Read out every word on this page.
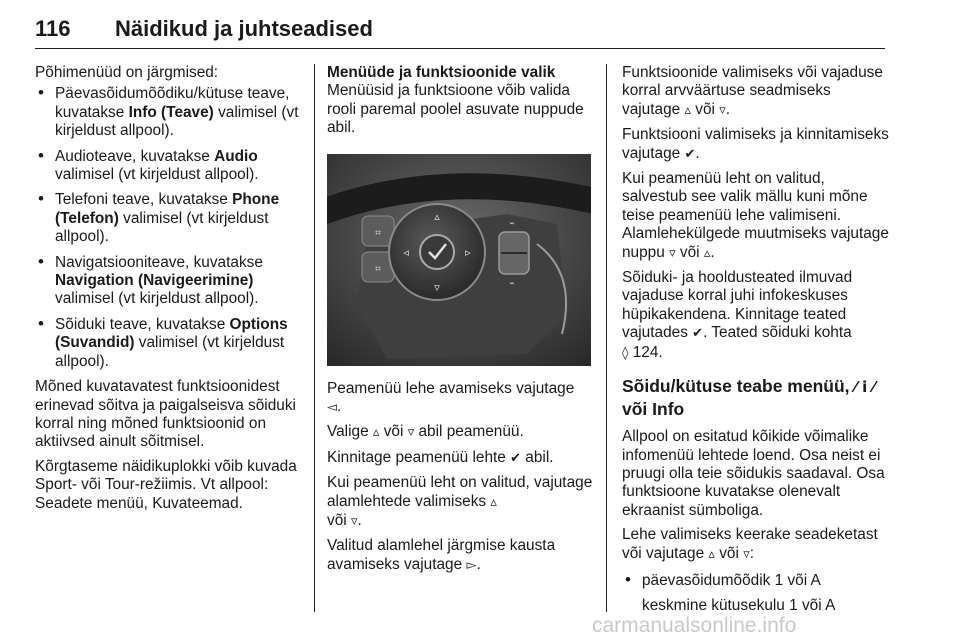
116 Näidikud ja juhtseadised

Põhimenüüd on järgmised:

• Päevasõidumõõdiku/kütuse teave, kuvatakse Info (Teave) valimisel (vt kirjeldust allpool).
• Audioteave, kuvatakse Audio valimisel (vt kirjeldust allpool).
• Telefoni teave, kuvatakse Phone (Telefon) valimisel (vt kirjeldust allpool).
• Navigatsiooniteave, kuvatakse Navigation (Navigeerimine) valimisel (vt kirjeldust allpool).
• Sõiduki teave, kuvatakse Options (Suvandid) valimisel (vt kirjeldust allpool).

Mõned kuvatavatest funktsioonidest erinevad sõitva ja paigalseisva sõiduki korral ning mõned funktsioonid on aktiivsed ainult sõitmisel.

Kõrgtaseme näidikuplokki võib kuvada Sport- või Tour-režiimis. Vt allpool: Seadete menüü, Kuvateemad.

Menüüde ja funktsioonide valik

Menüüsid ja funktsioone võib valida rooli paremal poolel asuvate nuppude abil.

⌗
⌗
▵
▿
◃	▹
⌁
⌁

Peamenüü lehe avamiseks vajutage
◅.

Valige ▵ või ▿ abil peamenüü.

Kinnitage peamenüü lehte ✔ abil.

Kui peamenüü leht on valitud, vajutage alamlehtede valimiseks ▵
või ▿.

Valitud alamlehel järgmise kausta avamiseks vajutage ▻.

Funktsioonide valimiseks või vajaduse korral arvväärtuse seadmiseks vajutage ▵ või ▿.

Funktsiooni valimiseks ja kinnitamiseks vajutage ✔.

Kui peamenüü leht on valitud, salvestub see valik mällu kuni mõne teise peamenüü lehe valimiseni. Alamlehekülgede muutmiseks vajutage nuppu ▿ või ▵.

Sõiduki- ja hooldusteated ilmuvad vajaduse korral juhi infokeskuses hüpikakendena. Kinnitage teated vajutades ✔. Teated sõiduki kohta
◊ 124.

Sõidu/kütuse teabe menüü, ⁄ i ⁄
või Info

Allpool on esitatud kõikide võimalike infomenüü lehtede loend. Osa neist ei pruugi olla teie sõidukis saadaval. Osa funktsioone kuvatakse olenevalt ekraanist sümboliga.

Lehe valimiseks keerake seadeketast või vajutage ▵ või ▿:

• päevasõidumõõdik 1 või A
keskmine kütusekulu 1 või A
carmanualsonline.info
